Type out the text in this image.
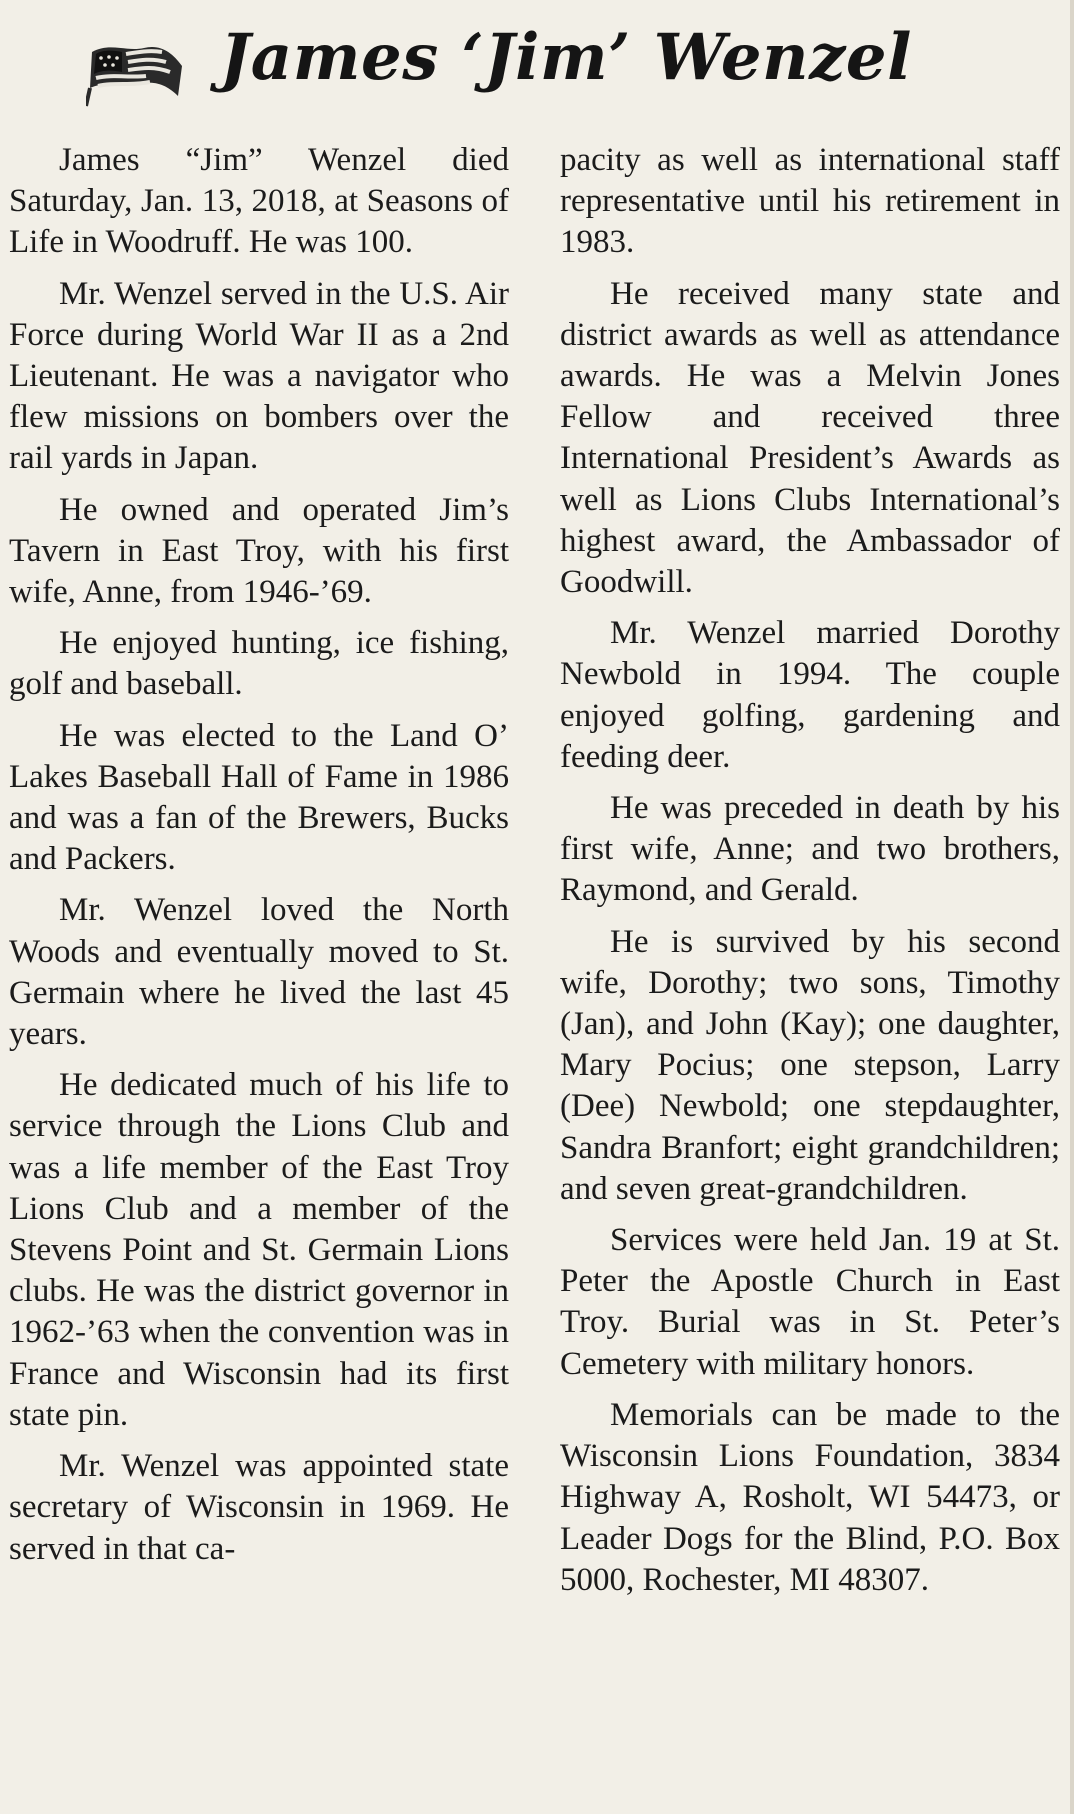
James ‘Jim’ Wenzel

James “Jim” Wenzel died Saturday, Jan. 13, 2018, at Seasons of Life in Woodruff. He was 100.

Mr. Wenzel served in the U.S. Air Force during World War II as a 2nd Lieutenant. He was a navigator who flew missions on bombers over the rail yards in Japan.

He owned and operated Jim’s Tavern in East Troy, with his first wife, Anne, from 1946-’69.

He enjoyed hunting, ice fishing, golf and baseball.

He was elected to the Land O’ Lakes Baseball Hall of Fame in 1986 and was a fan of the Brewers, Bucks and Packers.

Mr. Wenzel loved the North Woods and eventually moved to St. Germain where he lived the last 45 years.

He dedicated much of his life to service through the Lions Club and was a life member of the East Troy Lions Club and a member of the Stevens Point and St. Germain Lions clubs. He was the district governor in 1962-’63 when the convention was in France and Wisconsin had its first state pin.

Mr. Wenzel was appointed state secretary of Wisconsin in 1969. He served in that ca-

pacity as well as international staff representative until his retirement in 1983.

He received many state and district awards as well as attendance awards. He was a Melvin Jones Fellow and received three International President’s Awards as well as Lions Clubs International’s highest award, the Ambassador of Goodwill.

Mr. Wenzel married Dorothy Newbold in 1994. The couple enjoyed golfing, gardening and feeding deer.

He was preceded in death by his first wife, Anne; and two brothers, Raymond, and Gerald.

He is survived by his second wife, Dorothy; two sons, Timothy (Jan), and John (Kay); one daughter, Mary Pocius; one stepson, Larry (Dee) Newbold; one stepdaughter, Sandra Branfort; eight grandchildren; and seven great-grandchildren.

Services were held Jan. 19 at St. Peter the Apostle Church in East Troy. Burial was in St. Peter’s Cemetery with military honors.

Memorials can be made to the Wisconsin Lions Foundation, 3834 Highway A, Rosholt, WI 54473, or Leader Dogs for the Blind, P.O. Box 5000, Rochester, MI 48307.
